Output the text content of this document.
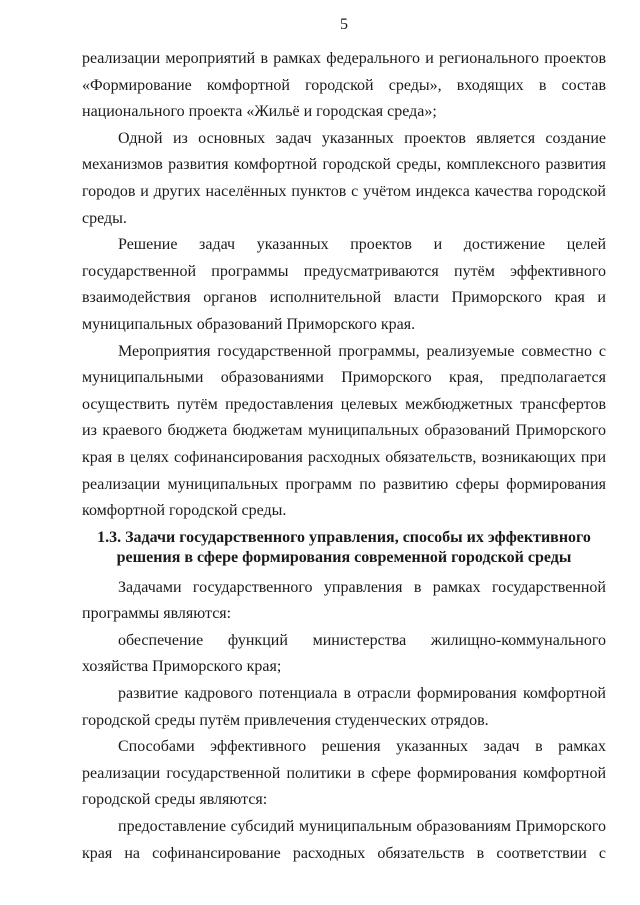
5

реализации мероприятий в рамках федерального и регионального проектов «Формирование комфортной городской среды», входящих в состав национального проекта «Жильё и городская среда»;

Одной из основных задач указанных проектов является создание механизмов развития комфортной городской среды, комплексного развития городов и других населённых пунктов с учётом индекса качества городской среды.

Решение задач указанных проектов и достижение целей государственной программы предусматриваются путём эффективного взаимодействия органов исполнительной власти Приморского края и муниципальных образований Приморского края.

Мероприятия государственной программы, реализуемые совместно с муниципальными образованиями Приморского края, предполагается осуществить путём предоставления целевых межбюджетных трансфертов из краевого бюджета бюджетам муниципальных образований Приморского края в целях софинансирования расходных обязательств, возникающих при реализации муниципальных программ по развитию сферы формирования комфортной городской среды.

1.3. Задачи государственного управления, способы их эффективного
решения в сфере формирования современной городской среды

Задачами государственного управления в рамках государственной программы являются:

обеспечение функций министерства жилищно-коммунального хозяйства Приморского края;

развитие кадрового потенциала в отрасли формирования комфортной городской среды путём привлечения студенческих отрядов.

Способами эффективного решения указанных задач в рамках реализации государственной политики в сфере формирования комфортной городской среды являются:

предоставление субсидий муниципальным образованиям Приморского края на софинансирование расходных обязательств в соответствии с
